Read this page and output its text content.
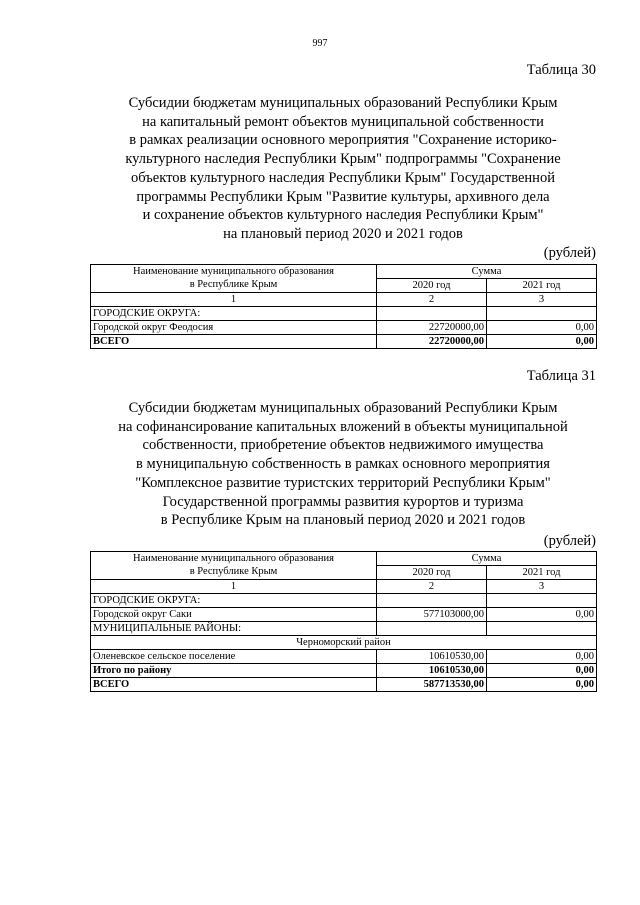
997
Таблица 30
Субсидии бюджетам муниципальных образований Республики Крым
на капитальный ремонт объектов муниципальной собственности
в рамках реализации основного мероприятия "Сохранение историко-
культурного наследия Республики Крым" подпрограммы "Сохранение
объектов культурного наследия Республики Крым" Государственной
программы Республики Крым "Развитие культуры, архивного дела
и сохранение объектов культурного наследия Республики Крым"
на плановый период 2020 и 2021 годов
(рублей)
Наименование муниципального образования	Сумма	
в Республике Крым	2020 год	2021 год
1	2	3
ГОРОДСКИЕ ОКРУГА:		
Городской округ Феодосия	22720000,00	0,00
ВСЕГО	22720000,00	0,00
Таблица 31
Субсидии бюджетам муниципальных образований Республики Крым
на софинансирование капитальных вложений в объекты муниципальной
собственности, приобретение объектов недвижимого имущества
в муниципальную собственность в рамках основного мероприятия
"Комплексное развитие туристских территорий Республики Крым"
Государственной программы развития курортов и туризма
в Республике Крым на плановый период 2020 и 2021 годов
(рублей)
Наименование муниципального образования	Сумма	
в Республике Крым	2020 год	2021 год
1	2	3
ГОРОДСКИЕ ОКРУГА:		
Городской округ Саки	577103000,00	0,00
МУНИЦИПАЛЬНЫЕ РАЙОНЫ:		
Черноморский район		
Оленевское сельское поселение	10610530,00	0,00
Итого по району	10610530,00	0,00
ВСЕГО	587713530,00	0,00
